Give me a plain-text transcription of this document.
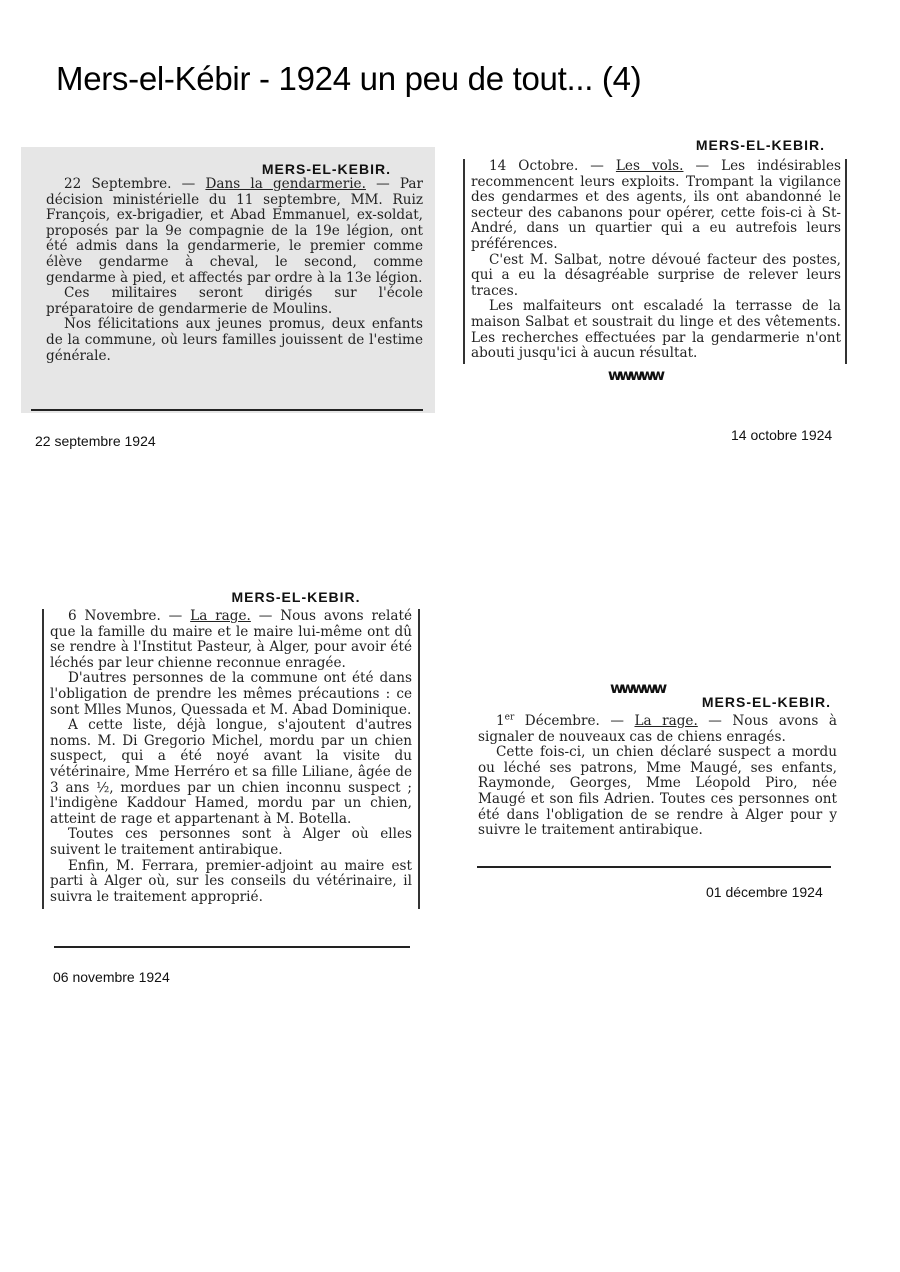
Mers-el-Kébir - 1924 un peu de tout... (4)
MERS-EL-KEBIR.

22 Septembre. — Dans la gendarmerie. — Par décision ministérielle du 11 septembre, MM. Ruiz François, ex-brigadier, et Abad Emmanuel, ex-soldat, proposés par la 9e compagnie de la 19e légion, ont été admis dans la gendarmerie, le premier comme élève gendarme à cheval, le second, comme gendarme à pied, et affectés par ordre à la 13e légion.

Ces militaires seront dirigés sur l'école préparatoire de gendarmerie de Moulins.

Nos félicitations aux jeunes promus, deux enfants de la commune, où leurs familles jouissent de l'estime générale.

22 septembre 1924
MERS-EL-KEBIR.

14 Octobre. — Les vols. — Les indésirables recommencent leurs exploits. Trompant la vigilance des gendarmes et des agents, ils ont abandonné le secteur des cabanons pour opérer, cette fois-ci à St-André, dans un quartier qui a eu autrefois leurs préférences.

C'est M. Salbat, notre dévoué facteur des postes, qui a eu la désagréable surprise de relever leurs traces.

Les malfaiteurs ont escaladé la terrasse de la maison Salbat et soustrait du linge et des vêtements. Les recherches effectuées par la gendarmerie n'ont abouti jusqu'ici à aucun résultat.

wwwww
14 octobre 1924
MERS-EL-KEBIR.

6 Novembre. — La rage. — Nous avons relaté que la famille du maire et le maire lui-même ont dû se rendre à l'Institut Pasteur, à Alger, pour avoir été léchés par leur chienne reconnue enragée.

D'autres personnes de la commune ont été dans l'obligation de prendre les mêmes précautions : ce sont Mlles Munos, Quessada et M. Abad Dominique.

A cette liste, déjà longue, s'ajoutent d'autres noms. M. Di Gregorio Michel, mordu par un chien suspect, qui a été noyé avant la visite du vétérinaire, Mme Herréro et sa fille Liliane, âgée de 3 ans ½, mordues par un chien inconnu suspect ; l'indigène Kaddour Hamed, mordu par un chien, atteint de rage et appartenant à M. Botella.

Toutes ces personnes sont à Alger où elles suivent le traitement antirabique.

Enfin, M. Ferrara, premier-adjoint au maire est parti à Alger où, sur les conseils du vétérinaire, il suivra le traitement approprié.

06 novembre 1924
wwwww
MERS-EL-KEBIR.

1er Décembre. — La rage. — Nous avons à signaler de nouveaux cas de chiens enragés.

Cette fois-ci, un chien déclaré suspect a mordu ou léché ses patrons, Mme Maugé, ses enfants, Raymonde, Georges, Mme Léopold Piro, née Maugé et son fils Adrien. Toutes ces personnes ont été dans l'obligation de se rendre à Alger pour y suivre le traitement antirabique.

01 décembre 1924
